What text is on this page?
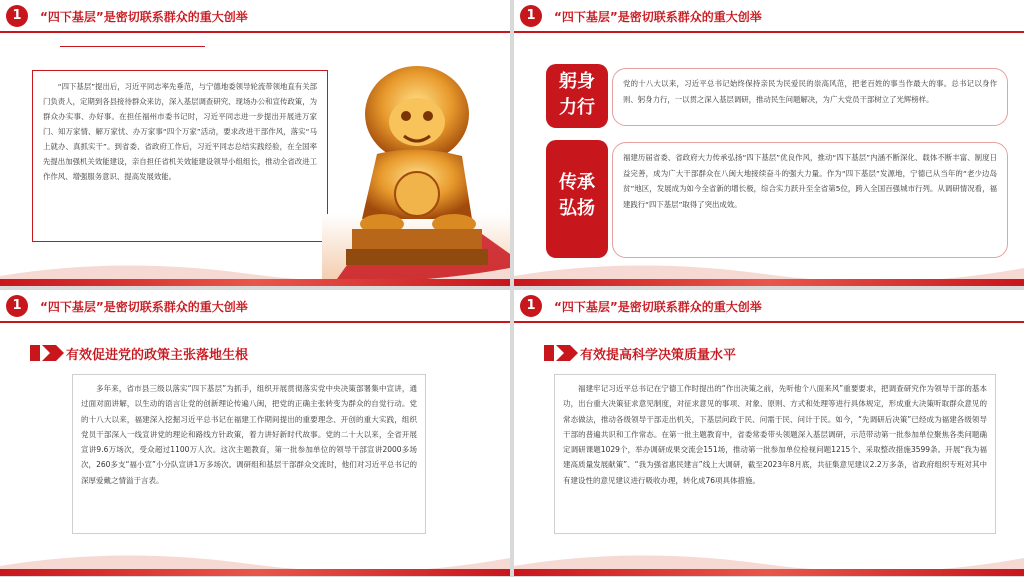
1	“四下基层”是密切联系群众的重大创举
“四下基层”提出后，习近平同志率先垂范，与宁德地委领导轮流带领地直有关部门负责人，定期到各县接待群众来访，深入基层调查研究、现场办公和宣传政策，为群众办实事、办好事。在担任福州市委书记时，习近平同志进一步提出开展进万家门、知万家情、解万家忧、办万家事“四个万家”活动，要求改进干部作风，落实“马上就办、真抓实干”。到省委、省政府工作后，习近平同志总结实践经验，在全国率先提出加强机关效能建设，亲自担任省机关效能建设领导小组组长，推动全省改进工作作风、增强服务意识、提高发展效能。
1	“四下基层”是密切联系群众的重大创举
躬身
力行
党的十八大以来，习近平总书记始终保持亲民为民爱民的崇高风范，把老百姓的事当作最大的事。总书记以身作则、躬身力行，一以贯之深入基层调研，推动民生问题解决，为广大党员干部树立了光辉榜样。
传承
弘扬
福建历届省委、省政府大力传承弘扬“四下基层”优良作风，推动“四下基层”内涵不断深化、载体不断丰富、制度日益完善，成为广大干部群众在八闽大地接续奋斗的强大力量。作为“四下基层”发源地，宁德已从当年的“老少边岛贫”地区，发展成为如今全省新的增长极，综合实力跃升至全省第5位，跨入全国百强城市行列。从调研情况看，福建践行“四下基层”取得了突出成效。
1	“四下基层”是密切联系群众的重大创举
有效促进党的政策主张落地生根
多年来，省市县三级以落实“四下基层”为抓手，组织开展贯彻落实党中央决策部署集中宣讲，通过面对面讲解，以生动的语言让党的创新理论传遍八闽，把党的正确主张转变为群众的自觉行动。党的十八大以来，福建深入挖掘习近平总书记在福建工作期间提出的重要理念、开创的重大实践，组织党员干部深入一线宣讲党的理论和路线方针政策，着力讲好新时代故事。党的二十大以来，全省开展宣讲9.6万场次，受众超过1100万人次。这次主题教育，第一批参加单位的领导干部宣讲2000多场次，260多支“福小宣”小分队宣讲1万多场次。调研组和基层干部群众交流时，他们对习近平总书记的深厚爱戴之情溢于言表。
1	“四下基层”是密切联系群众的重大创举
有效提高科学决策质量水平
福建牢记习近平总书记在宁德工作时提出的“作出决策之前，先听他个八面来风”重要要求，把调查研究作为领导干部的基本功，出台重大决策征求意见制度，对征求意见的事项、对象、原则、方式和处理等进行具体规定，形成重大决策听取群众意见的常态做法，推动各级领导干部走出机关，下基层问政于民、问需于民、问计于民。如今，“先调研后决策”已经成为福建各级领导干部的普遍共识和工作常态。在第一批主题教育中，省委常委带头领题深入基层调研，示范带动第一批参加单位聚焦各类问题确定调研课题1029个，举办调研成果交流会151场，推动第一批参加单位检视问题1215个、采取整改措施3599条。开展“我为福建高质量发展献策”、“我为强省惠民建言”线上大调研，截至2023年8月底，共征集意见建议2.2万多条，省政府组织专班对其中有建设性的意见建议进行吸收办理，转化成76项具体措施。
